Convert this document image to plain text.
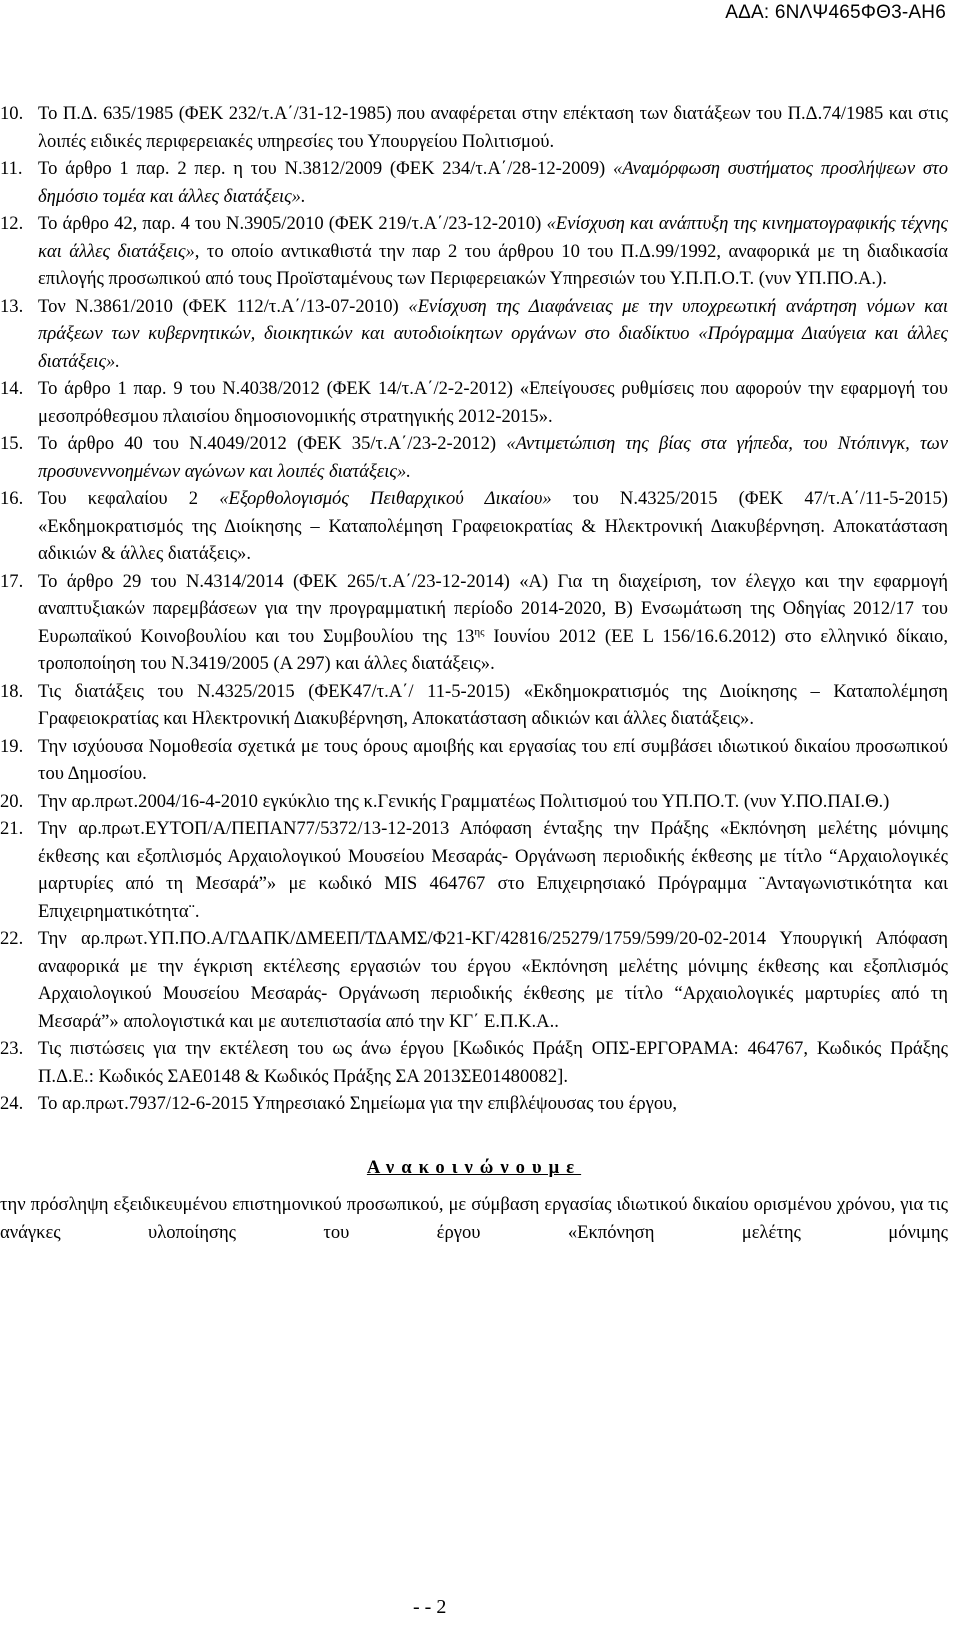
ΑΔΑ: 6ΝΛΨ465ΦΘ3-ΑΗ6
10. Το Π.Δ. 635/1985 (ΦΕΚ 232/τ.Α΄/31-12-1985) που αναφέρεται στην επέκταση των διατάξεων του Π.Δ.74/1985 και στις λοιπές ειδικές περιφερειακές υπηρεσίες του Υπουργείου Πολιτισμού.
11. Το άρθρο 1 παρ. 2 περ. η του Ν.3812/2009 (ΦΕΚ 234/τ.Α΄/28-12-2009) «Αναμόρφωση συστήματος προσλήψεων στο δημόσιο τομέα και άλλες διατάξεις».
12. Το άρθρο 42, παρ. 4 του Ν.3905/2010 (ΦΕΚ 219/τ.Α΄/23-12-2010) «Ενίσχυση και ανάπτυξη της κινηματογραφικής τέχνης και άλλες διατάξεις», το οποίο αντικαθιστά την παρ 2 του άρθρου 10 του Π.Δ.99/1992, αναφορικά με τη διαδικασία επιλογής προσωπικού από τους Προϊσταμένους των Περιφερειακών Υπηρεσιών του Υ.Π.Π.Ο.Τ. (νυν ΥΠ.ΠΟ.Α.).
13. Τον Ν.3861/2010 (ΦΕΚ 112/τ.Α΄/13-07-2010) «Ενίσχυση της Διαφάνειας με την υποχρεωτική ανάρτηση νόμων και πράξεων των κυβερνητικών, διοικητικών και αυτοδιοίκητων οργάνων στο διαδίκτυο «Πρόγραμμα Διαύγεια και άλλες διατάξεις».
14. Το άρθρο 1 παρ. 9 του Ν.4038/2012 (ΦΕΚ 14/τ.Α΄/2-2-2012) «Επείγουσες ρυθμίσεις που αφορούν την εφαρμογή του μεσοπρόθεσμου πλαισίου δημοσιονομικής στρατηγικής 2012-2015».
15. Το άρθρο 40 του Ν.4049/2012 (ΦΕΚ 35/τ.Α΄/23-2-2012) «Αντιμετώπιση της βίας στα γήπεδα, του Ντόπινγκ, των προσυνεννοημένων αγώνων και λοιπές διατάξεις».
16. Του κεφαλαίου 2 «Εξορθολογισμός Πειθαρχικού Δικαίου» του Ν.4325/2015 (ΦΕΚ 47/τ.Α΄/11-5-2015) «Εκδημοκρατισμός της Διοίκησης – Καταπολέμηση Γραφειοκρατίας & Ηλεκτρονική Διακυβέρνηση. Αποκατάσταση αδικιών & άλλες διατάξεις».
17. Το άρθρο 29 του Ν.4314/2014 (ΦΕΚ 265/τ.Α΄/23-12-2014) «Α) Για τη διαχείριση, τον έλεγχο και την εφαρμογή αναπτυξιακών παρεμβάσεων για την προγραμματική περίοδο 2014-2020, Β) Ενσωμάτωση της Οδηγίας 2012/17 του Ευρωπαϊκού Κοινοβουλίου και του Συμβουλίου της $13^{\eta\varsigma}$ Ιουνίου 2012 (ΕΕ L 156/16.6.2012) στο ελληνικό δίκαιο, τροποποίηση του Ν.3419/2005 (Α 297) και άλλες διατάξεις».
18. Τις διατάξεις του Ν.4325/2015 (ΦΕΚ47/τ.Α΄/ 11-5-2015) «Εκδημοκρατισμός της Διοίκησης – Καταπολέμηση Γραφειοκρατίας και Ηλεκτρονική Διακυβέρνηση, Αποκατάσταση αδικιών και άλλες διατάξεις».
19. Την ισχύουσα Νομοθεσία σχετικά με τους όρους αμοιβής και εργασίας του επί συμβάσει ιδιωτικού δικαίου προσωπικού του Δημοσίου.
20. Την αρ.πρωτ.2004/16-4-2010 εγκύκλιο της κ.Γενικής Γραμματέως Πολιτισμού του ΥΠ.ΠΟ.Τ. (νυν Υ.ΠΟ.ΠΑΙ.Θ.)
21. Την αρ.πρωτ.ΕΥΤΟΠ/Α/ΠΕΠΑΝ77/5372/13-12-2013 Απόφαση ένταξης την Πράξης «Εκπόνηση μελέτης μόνιμης έκθεσης και εξοπλισμός Αρχαιολογικού Μουσείου Μεσαράς- Οργάνωση περιοδικής έκθεσης με τίτλο “Αρχαιολογικές μαρτυρίες από τη Μεσαρά”» με κωδικό MIS 464767 στο Επιχειρησιακό Πρόγραμμα ¨Ανταγωνιστικότητα και Επιχειρηματικότητα¨.
22. Την αρ.πρωτ.ΥΠ.ΠΟ.Α/ΓΔΑΠΚ/ΔΜΕΕΠ/ΤΔΑΜΣ/Φ21-ΚΓ/42816/25279/1759/599/20-02-2014 Υπουργική Απόφαση αναφορικά με την έγκριση εκτέλεσης εργασιών του έργου «Εκπόνηση μελέτης μόνιμης έκθεσης και εξοπλισμός Αρχαιολογικού Μουσείου Μεσαράς- Οργάνωση περιοδικής έκθεσης με τίτλο “Αρχαιολογικές μαρτυρίες από τη Μεσαρά”» απολογιστικά και με αυτεπιστασία από την ΚΓ΄ Ε.Π.Κ.Α..
23. Τις πιστώσεις για την εκτέλεση του ως άνω έργου [Κωδικός Πράξη ΟΠΣ-ΕΡΓΟΡΑΜΑ: 464767, Κωδικός Πράξης Π.Δ.Ε.: Κωδικός ΣΑΕ0148 & Κωδικός Πράξης ΣΑ 2013ΣΕ01480082].
24. Το αρ.πρωτ.7937/12-6-2015 Υπηρεσιακό Σημείωμα για την επιβλέψουσας του έργου,
Ανακοινώνουμε
την πρόσληψη εξειδικευμένου επιστημονικού προσωπικού, με σύμβαση εργασίας ιδιωτικού δικαίου ορισμένου χρόνου, για τις ανάγκες υλοποίησης του έργου «Εκπόνηση μελέτης μόνιμης
- - 2
